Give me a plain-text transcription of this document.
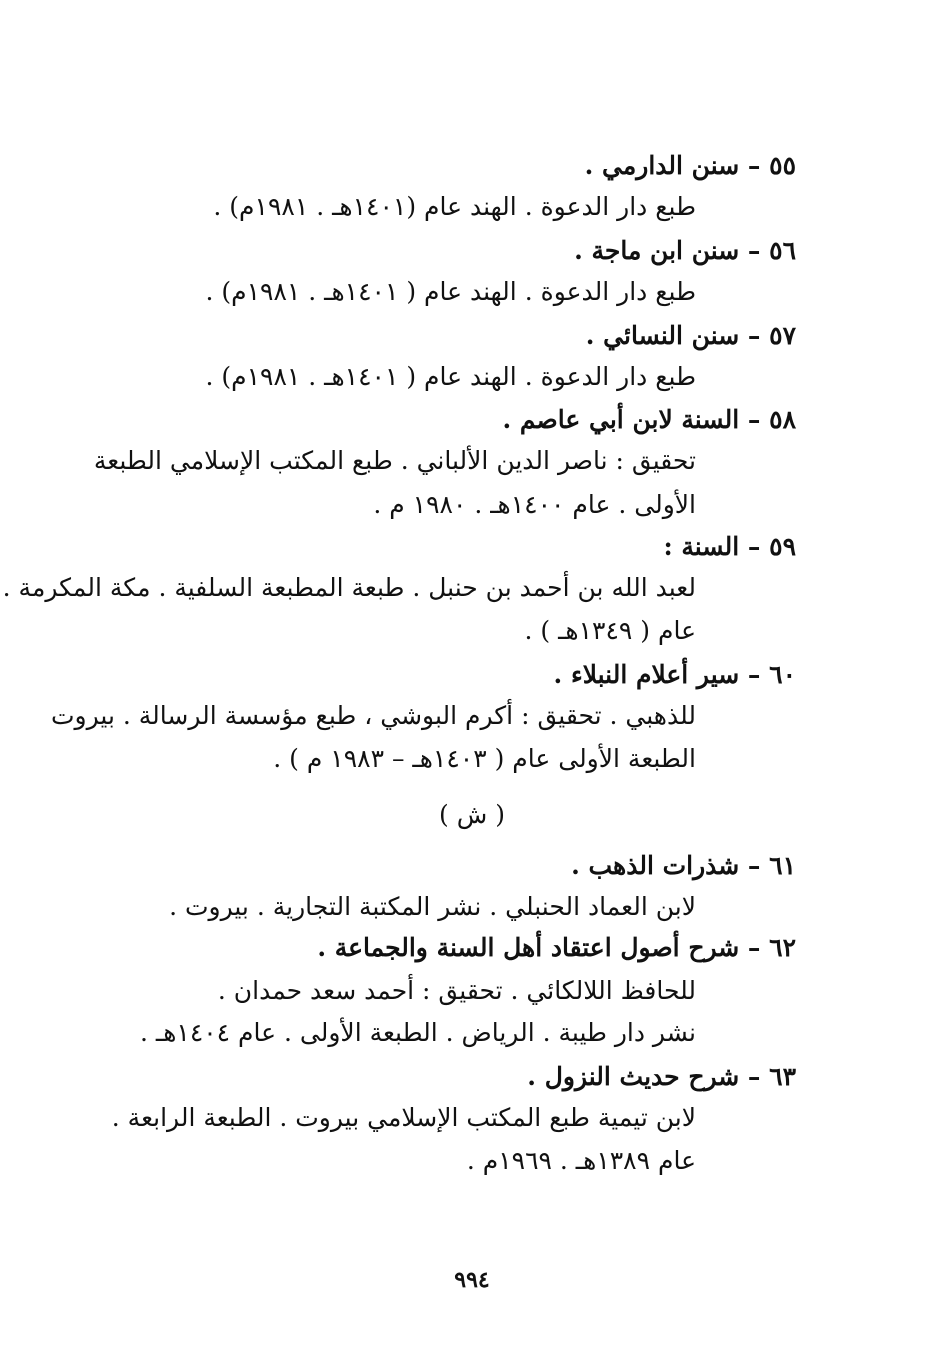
٥٥ – سنن الدارمي .
طبع دار الدعوة . الهند عام (١٤٠١هـ . ١٩٨١م) .
٥٦ – سنن ابن ماجة .
طبع دار الدعوة . الهند عام ( ١٤٠١هـ . ١٩٨١م) .
٥٧ – سنن النسائي .
طبع دار الدعوة . الهند عام ( ١٤٠١هـ . ١٩٨١م) .
٥٨ – السنة لابن أبي عاصم .
تحقيق : ناصر الدين الألباني . طبع المكتب الإسلامي الطبعة
الأولى . عام ١٤٠٠هـ . ١٩٨٠ م .
٥٩ – السنة :
لعبد الله بن أحمد بن حنبل . طبعة المطبعة السلفية . مكة المكرمة .
عام ( ١٣٤٩هـ ) .
٦٠ – سير أعلام النبلاء .
للذهبي . تحقيق : أكرم البوشي ، طبع مؤسسة الرسالة . بيروت
الطبعة الأولى عام ( ١٤٠٣هـ – ١٩٨٣ م ) .
( ش )
٦١ – شذرات الذهب .
لابن العماد الحنبلي . نشر المكتبة التجارية . بيروت .
٦٢ – شرح أصول اعتقاد أهل السنة والجماعة .
للحافظ اللالكائي . تحقيق : أحمد سعد حمدان .
نشر دار طيبة . الرياض . الطبعة الأولى . عام ١٤٠٤هـ .
٦٣ – شرح حديث النزول .
لابن تيمية طبع المكتب الإسلامي بيروت . الطبعة الرابعة .
عام ١٣٨٩هـ . ١٩٦٩م .
٩٩٤
